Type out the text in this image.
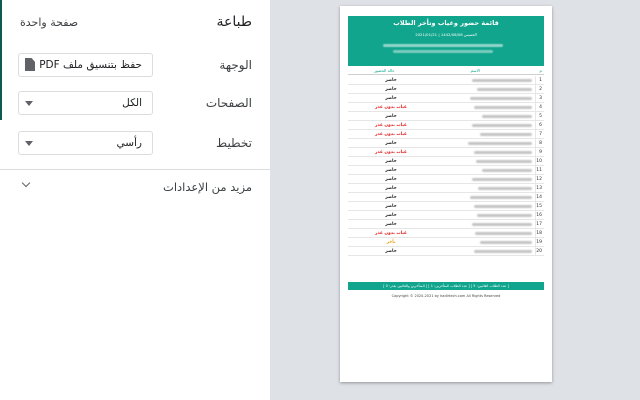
طباعة
صفحة واحدة
الوجهة
حفظ بتنسيق ملف PDF
الصفحات
الكل
تخطيط
رأسي
مزيد من الإعدادات
قائمة حضور وغياب وتأخر الطلاب
الخميس 1442/06/08 | 2021/01/21
م
الاسم
حالة الحضور
1
حاضر
2
حاضر
3
حاضر
4
غياب بدون عذر
5
حاضر
6
غياب بدون عذر
7
غياب بدون عذر
8
حاضر
9
غياب بدون عذر
10
حاضر
11
حاضر
12
حاضر
13
حاضر
14
حاضر
15
حاضر
16
حاضر
17
حاضر
18
غياب بدون عذر
19
تأخر
20
حاضر
[ عدد الطلاب الغائبين: 5 ] [ عدد الطلاب المتأخرين: 1 ] [ المتأخرين والغائبين بعذر: 0 ]
Copyright © 2020-2021 by hadirtech.com All Rights Reserved
